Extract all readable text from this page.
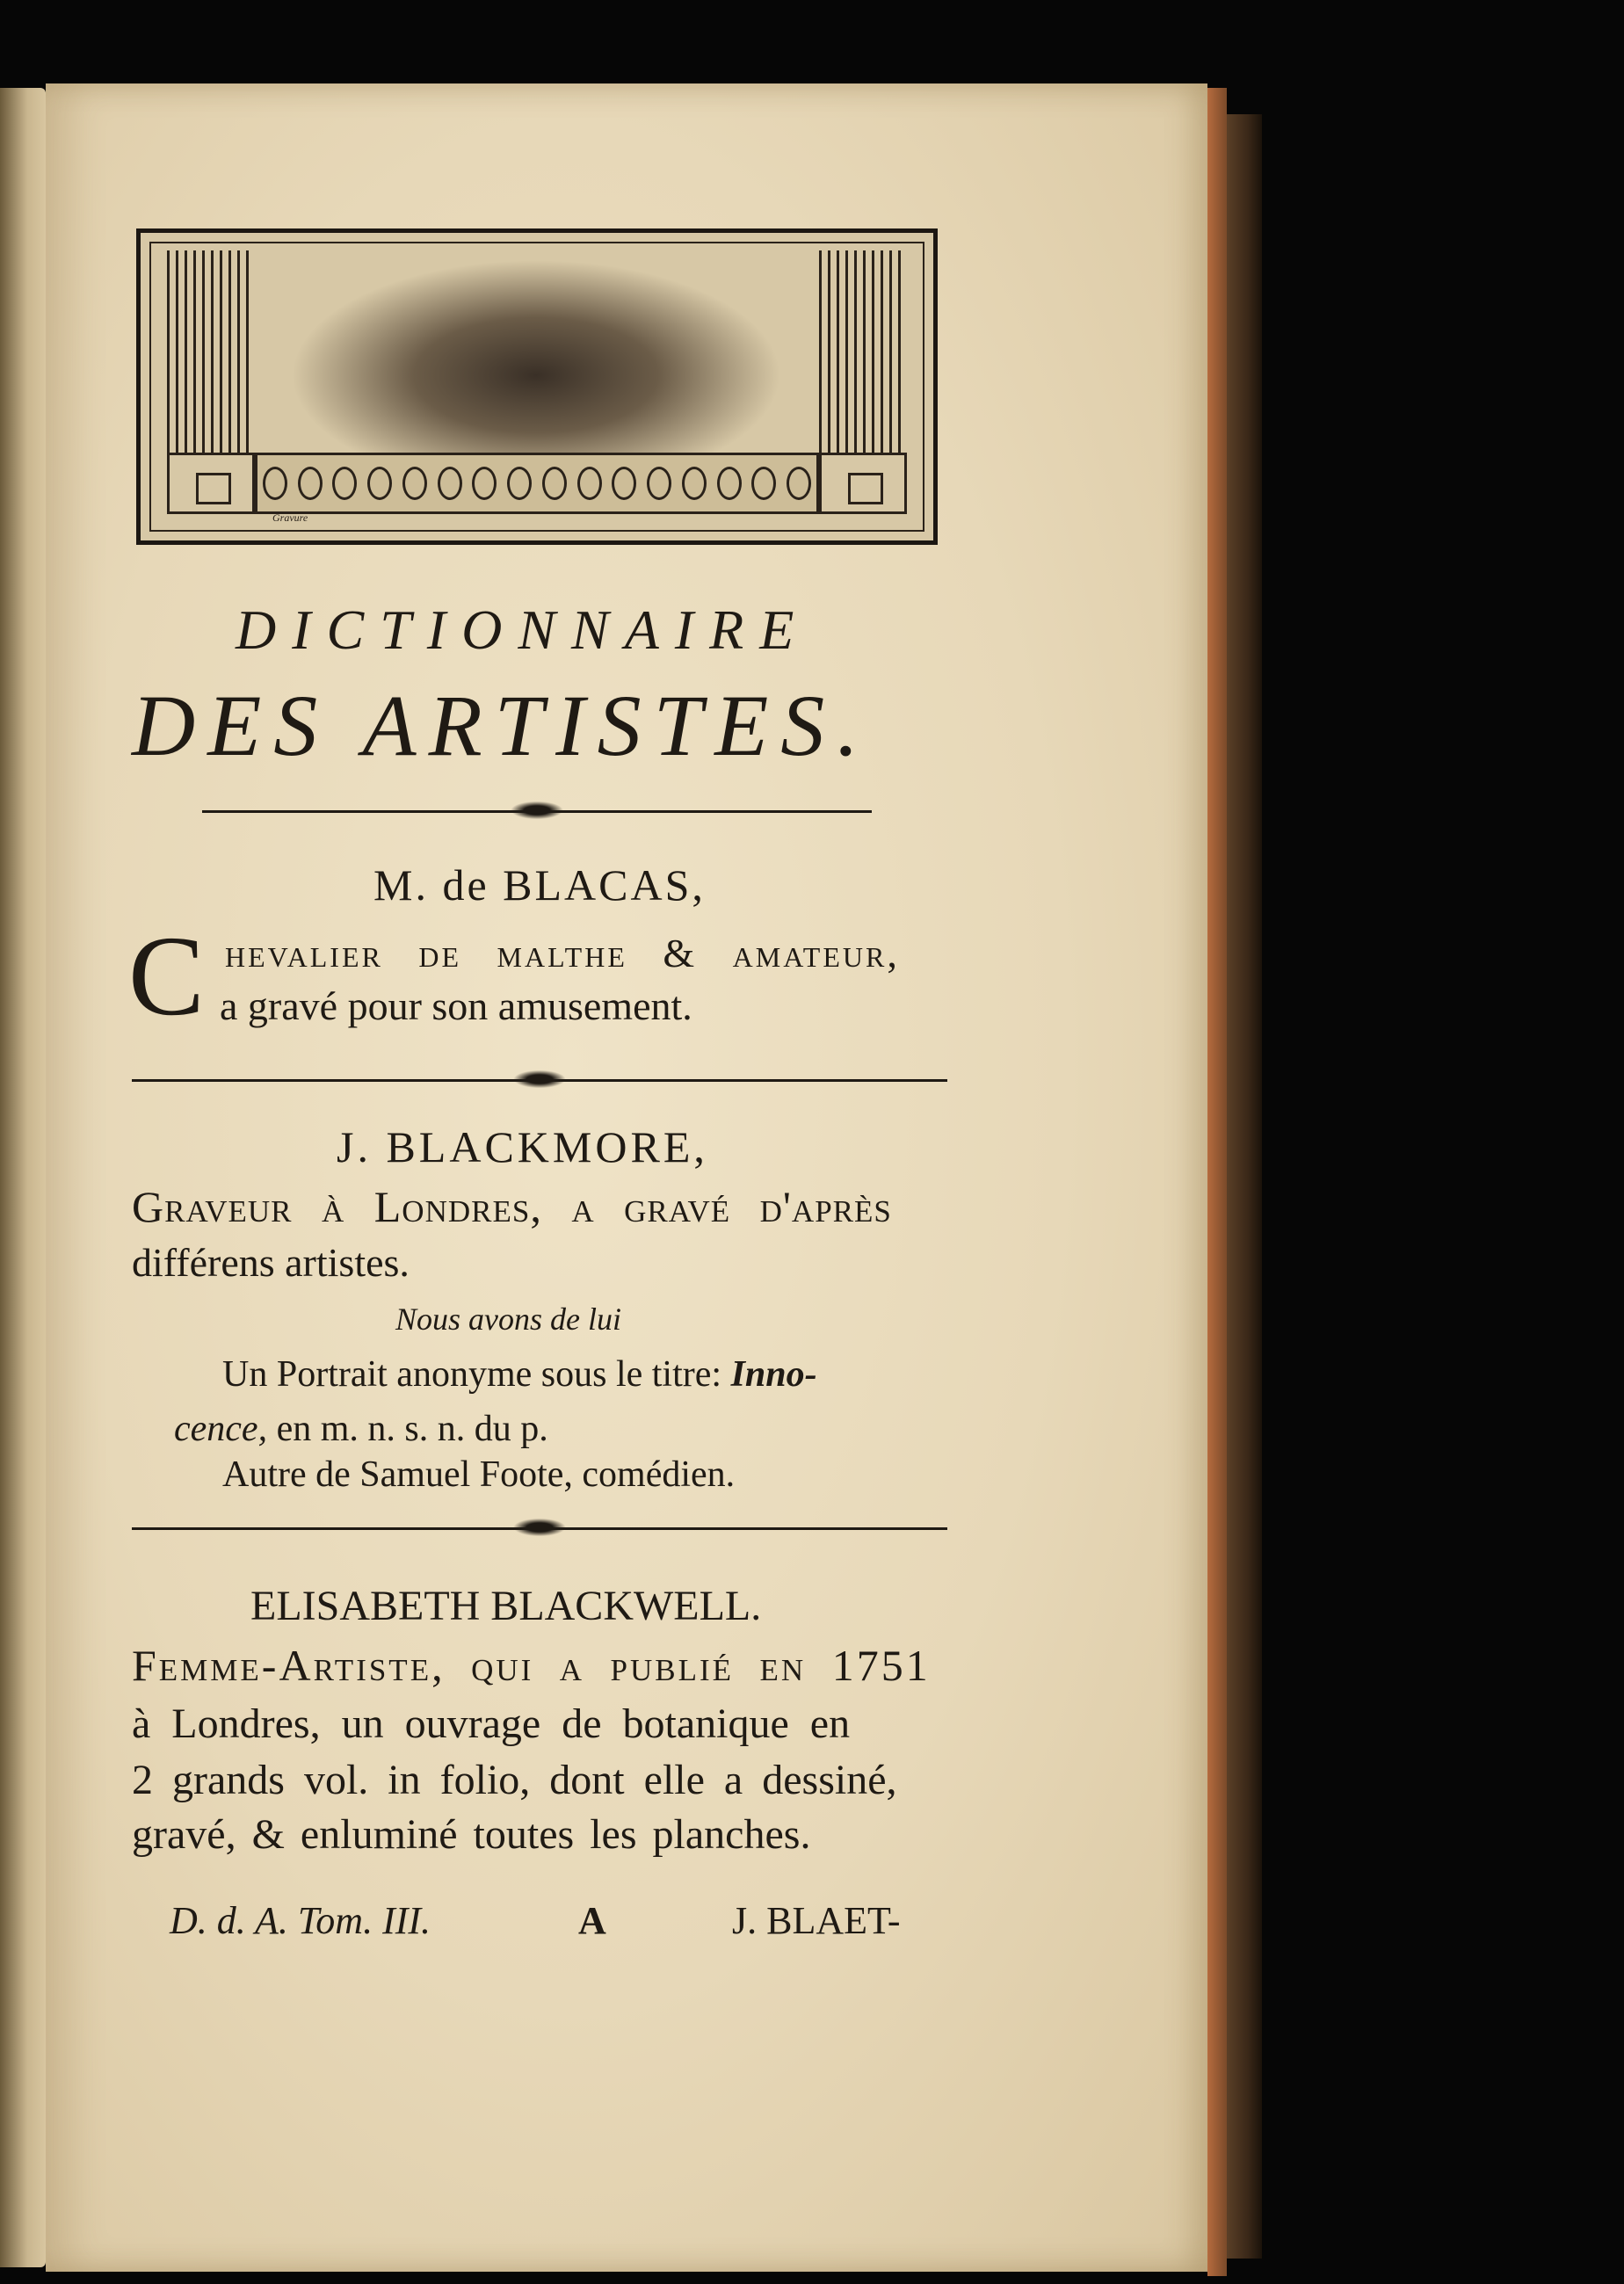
Gravure
DICTIONNAIRE
DES ARTISTES.
M. de BLACAS,
C hevalier de malthe & amateur,
a gravé pour son amusement.
J. BLACKMORE,
Graveur à Londres, a gravé d'après
différens artistes.
Nous avons de lui
Un Portrait anonyme sous le titre: Inno-
cence, en m. n. s. n. du p.
Autre de Samuel Foote, comédien.
ELISABETH BLACKWELL.
Femme-Artiste, qui a publié en 1751
à Londres, un ouvrage de botanique en
2 grands vol. in folio, dont elle a dessiné,
gravé, & enluminé toutes les planches.
D. d. A. Tom. III.	A	J. BLAET-
